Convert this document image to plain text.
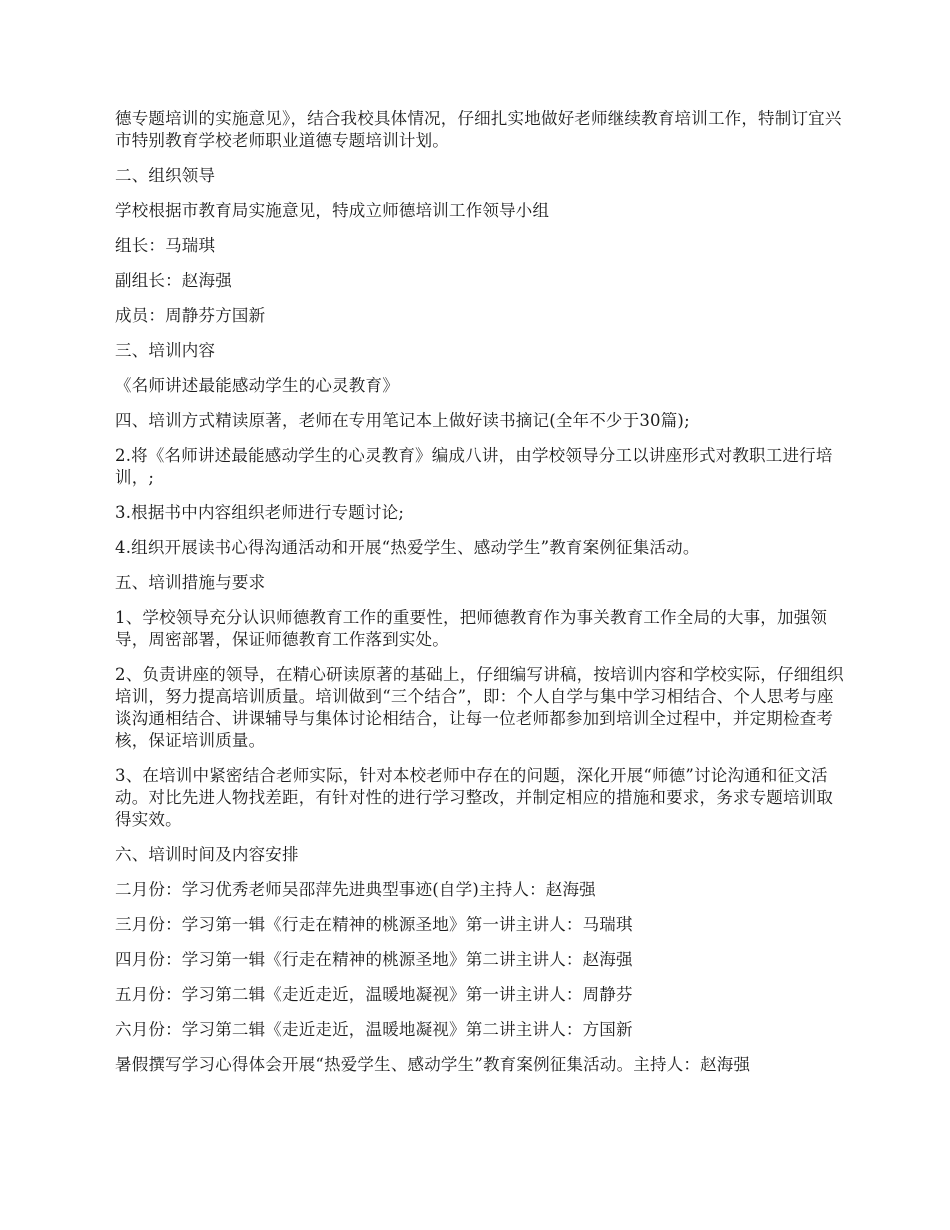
德专题培训的实施意见》，结合我校具体情况，仔细扎实地做好老师继续教育培训工作，特制订宜兴市特别教育学校老师职业道德专题培训计划。

二、组织领导

学校根据市教育局实施意见，特成立师德培训工作领导小组

组长：马瑞琪

副组长：赵海强

成员：周静芬方国新

三、培训内容

《名师讲述最能感动学生的心灵教育》

四、培训方式精读原著，老师在专用笔记本上做好读书摘记(全年不少于30篇);

2.将《名师讲述最能感动学生的心灵教育》编成八讲，由学校领导分工以讲座形式对教职工进行培训，;

3.根据书中内容组织老师进行专题讨论;

4.组织开展读书心得沟通活动和开展“热爱学生、感动学生”教育案例征集活动。

五、培训措施与要求

1、学校领导充分认识师德教育工作的重要性，把师德教育作为事关教育工作全局的大事，加强领导，周密部署，保证师德教育工作落到实处。

2、负责讲座的领导，在精心研读原著的基础上，仔细编写讲稿，按培训内容和学校实际，仔细组织培训，努力提高培训质量。培训做到“三个结合”，即：个人自学与集中学习相结合、个人思考与座谈沟通相结合、讲课辅导与集体讨论相结合，让每一位老师都参加到培训全过程中，并定期检查考核，保证培训质量。

3、在培训中紧密结合老师实际，针对本校老师中存在的问题，深化开展“师德”讨论沟通和征文活动。对比先进人物找差距，有针对性的进行学习整改，并制定相应的措施和要求，务求专题培训取得实效。

六、培训时间及内容安排

二月份：学习优秀老师吴邵萍先进典型事迹(自学)主持人：赵海强

三月份：学习第一辑《行走在精神的桃源圣地》第一讲主讲人：马瑞琪

四月份：学习第一辑《行走在精神的桃源圣地》第二讲主讲人：赵海强

五月份：学习第二辑《走近走近，温暖地凝视》第一讲主讲人：周静芬

六月份：学习第二辑《走近走近，温暖地凝视》第二讲主讲人：方国新

暑假撰写学习心得体会开展“热爱学生、感动学生”教育案例征集活动。主持人：赵海强
